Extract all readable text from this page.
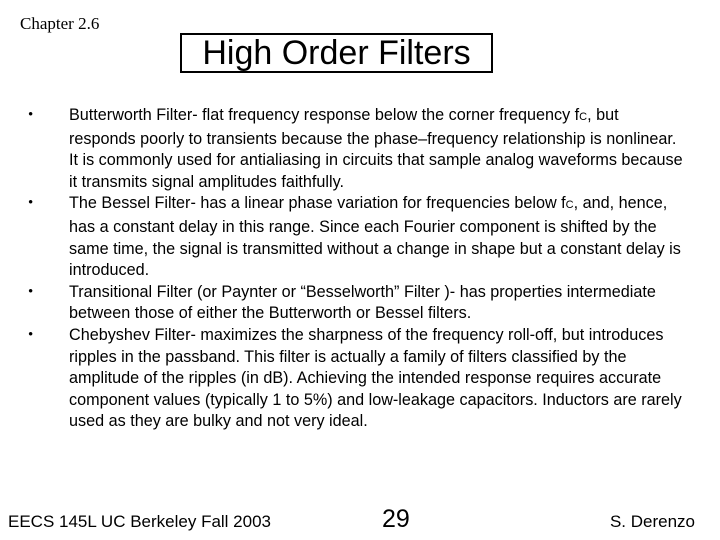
Chapter 2.6
High Order Filters
• Butterworth Filter- flat frequency response below the corner frequency fC, but responds poorly to transients because the phase–frequency relationship is nonlinear. It is commonly used for antialiasing in circuits that sample analog waveforms because it transmits signal amplitudes faithfully.
• The Bessel Filter- has a linear phase variation for frequencies below fC, and, hence, has a constant delay in this range. Since each Fourier component is shifted by the same time, the signal is transmitted without a change in shape but a constant delay is introduced.
• Transitional Filter (or Paynter or “Besselworth” Filter )- has properties intermediate between those of either the Butterworth or Bessel filters.
• Chebyshev Filter- maximizes the sharpness of the frequency roll-off, but introduces ripples in the passband. This filter is actually a family of filters classified by the amplitude of the ripples (in dB). Achieving the intended response requires accurate component values (typically 1 to 5%) and low-leakage capacitors. Inductors are rarely used as they are bulky and not very ideal.
EECS 145L UC Berkeley Fall 2003	29	S. Derenzo
